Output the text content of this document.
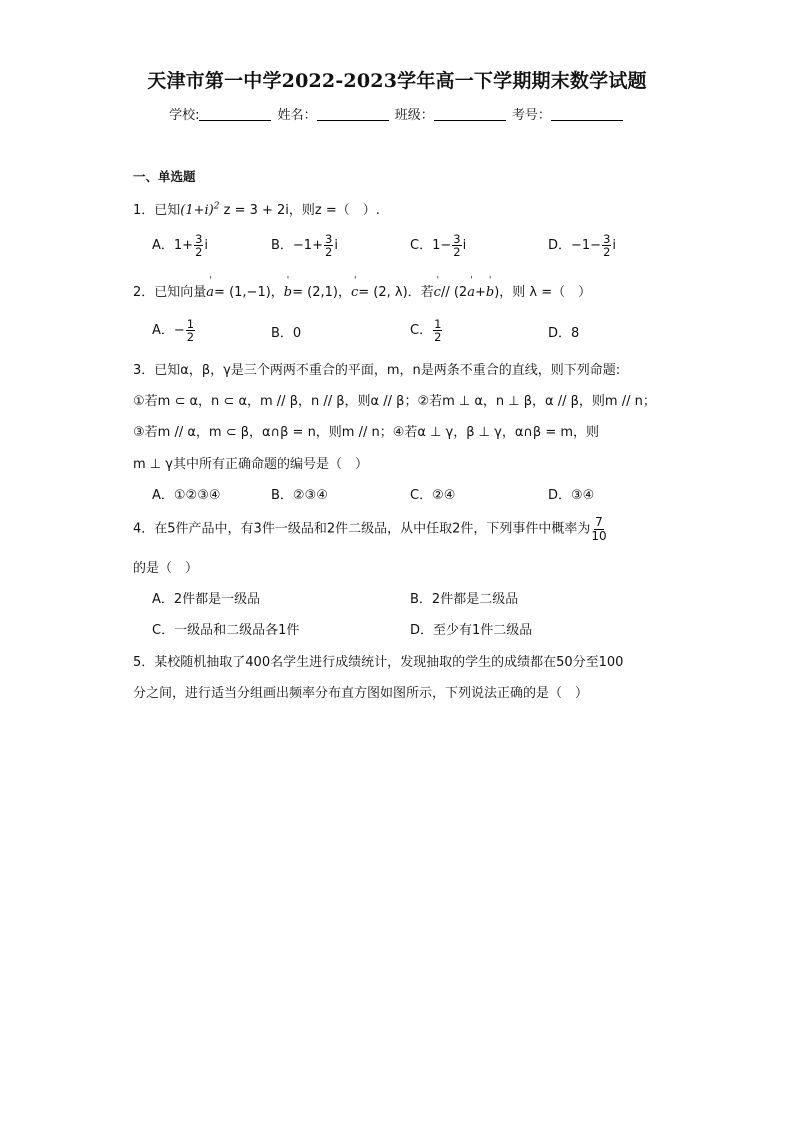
天津市第一中学2022-2023学年高一下学期期末数学试题
学校:	姓名：	班级：	考号：
一、单选题
1．已知$(1+i)^2$ z = 3 + 2i，则z =（　）.
A．$1+ \frac{3}{2}$ i	B．$-1+ \frac{3}{2}$ i	C．$1- \frac{3}{2}$ i	D．$-1- \frac{3}{2}$ i
2．已知向量' a= (1,−1)，' b= (2,1)，' c= (2, λ)．若' c// (2' a+' b)，则 λ =（　）
A．− $\frac{1}{2}$	B．0	C． $\frac{1}{2}$	D．8
3．已知α，β，γ是三个两两不重合的平面，m，n是两条不重合的直线，则下列命题:
①若m ⊂ α，n ⊂ α，m // β，n // β，则α // β；②若m ⊥ α，n ⊥ β，α // β，则m // n；
③若m // α，m ⊂ β，α∩β = n，则m // n；④若α ⊥ γ，β ⊥ γ，α∩β = m，则
m ⊥ γ其中所有正确命题的编号是（　）
A．①②③④	B．②③④	C．②④	D．③④
4．在5件产品中，有3件一级品和2件二级品，从中任取2件，下列事件中概率为 $\frac{7}{10}$
的是（　）
A．2件都是一级品	B．2件都是二级品
C．一级品和二级品各1件	D．至少有1件二级品
5．某校随机抽取了400名学生进行成绩统计，发现抽取的学生的成绩都在50分至100
分之间，进行适当分组画出频率分布直方图如图所示，下列说法正确的是（　）
